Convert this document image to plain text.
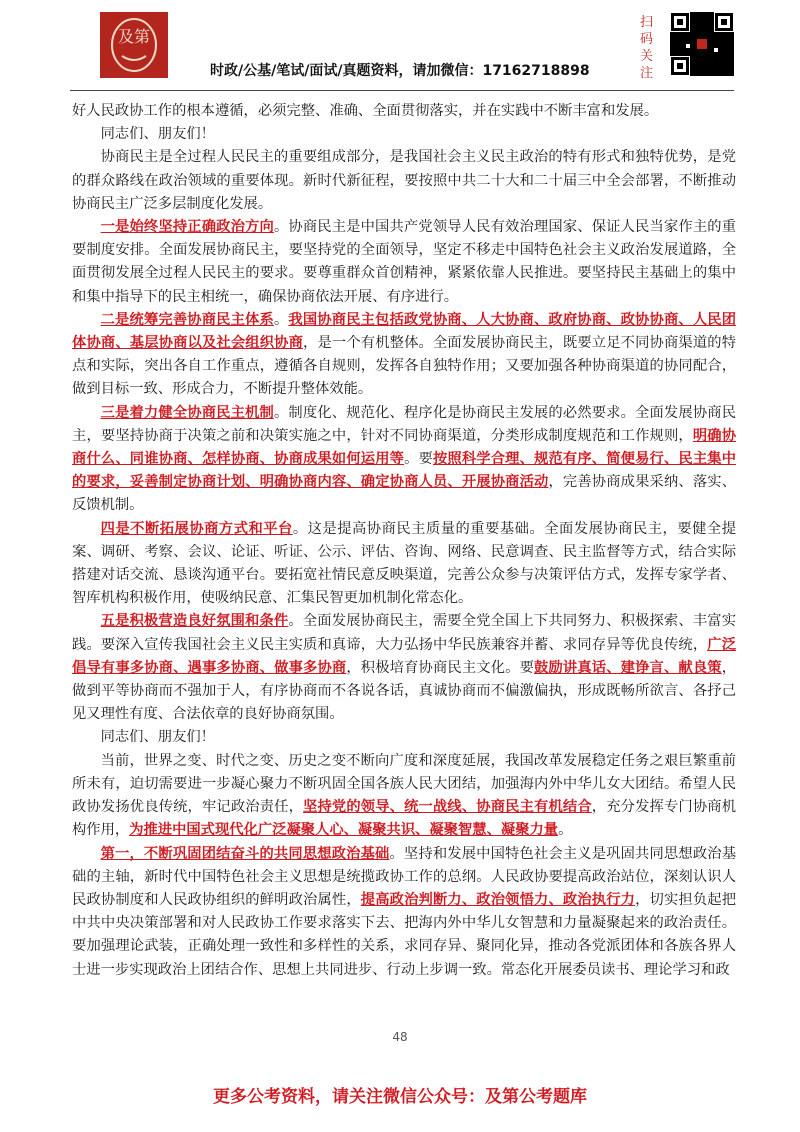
及第
时政/公基/笔试/面试/真题资料，请加微信：17162718898
扫码关注

好人民政协工作的根本遵循，必须完整、准确、全面贯彻落实，并在实践中不断丰富和发展。

同志们、朋友们！

协商民主是全过程人民民主的重要组成部分，是我国社会主义民主政治的特有形式和独特优势，是党的群众路线在政治领域的重要体现。新时代新征程，要按照中共二十大和二十届三中全会部署，不断推动协商民主广泛多层制度化发展。

一是始终坚持正确政治方向。协商民主是中国共产党领导人民有效治理国家、保证人民当家作主的重要制度安排。全面发展协商民主，要坚持党的全面领导，坚定不移走中国特色社会主义政治发展道路，全面贯彻发展全过程人民民主的要求。要尊重群众首创精神，紧紧依靠人民推进。要坚持民主基础上的集中和集中指导下的民主相统一，确保协商依法开展、有序进行。

二是统筹完善协商民主体系。我国协商民主包括政党协商、人大协商、政府协商、政协协商、人民团体协商、基层协商以及社会组织协商，是一个有机整体。全面发展协商民主，既要立足不同协商渠道的特点和实际，突出各自工作重点，遵循各自规则，发挥各自独特作用；又要加强各种协商渠道的协同配合，做到目标一致、形成合力，不断提升整体效能。

三是着力健全协商民主机制。制度化、规范化、程序化是协商民主发展的必然要求。全面发展协商民主，要坚持协商于决策之前和决策实施之中，针对不同协商渠道，分类形成制度规范和工作规则，明确协商什么、同谁协商、怎样协商、协商成果如何运用等。要按照科学合理、规范有序、简便易行、民主集中的要求，妥善制定协商计划、明确协商内容、确定协商人员、开展协商活动，完善协商成果采纳、落实、反馈机制。

四是不断拓展协商方式和平台。这是提高协商民主质量的重要基础。全面发展协商民主，要健全提案、调研、考察、会议、论证、听证、公示、评估、咨询、网络、民意调查、民主监督等方式，结合实际搭建对话交流、恳谈沟通平台。要拓宽社情民意反映渠道，完善公众参与决策评估方式，发挥专家学者、智库机构积极作用，使吸纳民意、汇集民智更加机制化常态化。

五是积极营造良好氛围和条件。全面发展协商民主，需要全党全国上下共同努力、积极探索、丰富实践。要深入宣传我国社会主义民主实质和真谛，大力弘扬中华民族兼容并蓄、求同存异等优良传统，广泛倡导有事多协商、遇事多协商、做事多协商，积极培育协商民主文化。要鼓励讲真话、建诤言、献良策，做到平等协商而不强加于人，有序协商而不各说各话，真诚协商而不偏激偏执，形成既畅所欲言、各抒己见又理性有度、合法依章的良好协商氛围。

同志们、朋友们！

当前，世界之变、时代之变、历史之变不断向广度和深度延展，我国改革发展稳定任务之艰巨繁重前所未有，迫切需要进一步凝心聚力不断巩固全国各族人民大团结，加强海内外中华儿女大团结。希望人民政协发扬优良传统，牢记政治责任，坚持党的领导、统一战线、协商民主有机结合，充分发挥专门协商机构作用，为推进中国式现代化广泛凝聚人心、凝聚共识、凝聚智慧、凝聚力量。

第一，不断巩固团结奋斗的共同思想政治基础。坚持和发展中国特色社会主义是巩固共同思想政治基础的主轴，新时代中国特色社会主义思想是统揽政协工作的总纲。人民政协要提高政治站位，深刻认识人民政协制度和人民政协组织的鲜明政治属性，提高政治判断力、政治领悟力、政治执行力，切实担负起把中共中央决策部署和对人民政协工作要求落实下去、把海内外中华儿女智慧和力量凝聚起来的政治责任。要加强理论武装，正确处理一致性和多样性的关系，求同存异、聚同化异，推动各党派团体和各族各界人士进一步实现政治上团结合作、思想上共同进步、行动上步调一致。常态化开展委员读书、理论学习和政

48
更多公考资料，请关注微信公众号：及第公考题库
